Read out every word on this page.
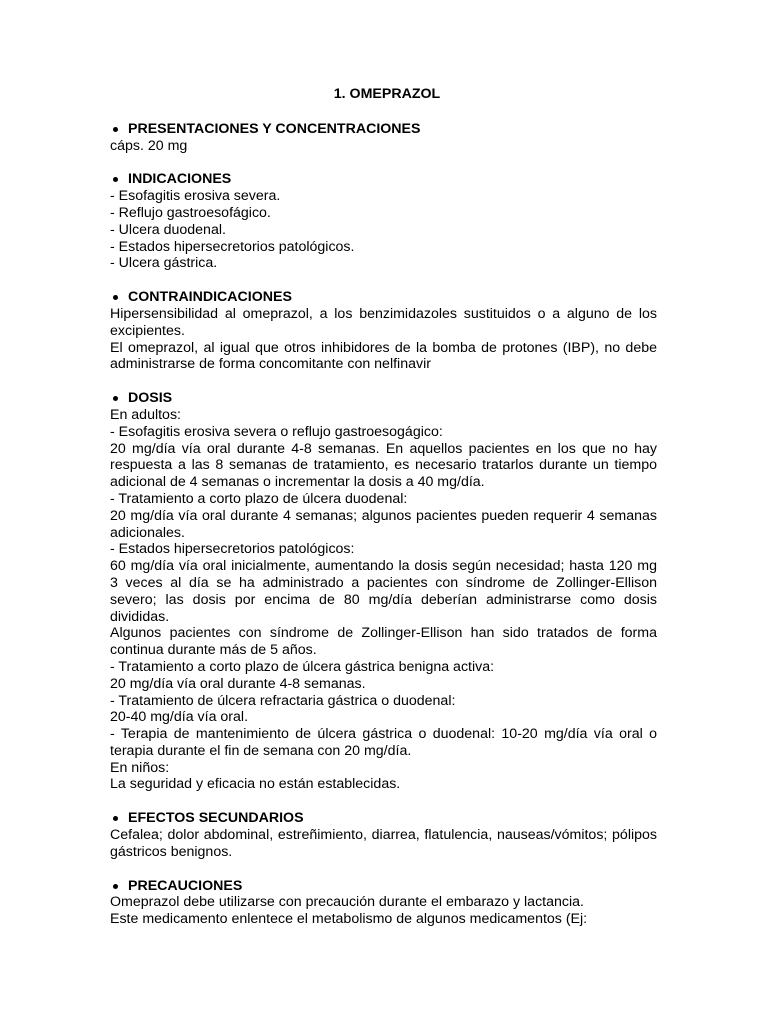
1. OMEPRAZOL

PRESENTACIONES Y CONCENTRACIONES

cáps. 20 mg

INDICACIONES

- Esofagitis erosiva severa.

- Reflujo gastroesofágico.

- Ulcera duodenal.

- Estados hipersecretorios patológicos.

- Ulcera gástrica.

CONTRAINDICACIONES

Hipersensibilidad al omeprazol, a los benzimidazoles sustituidos o a alguno de los excipientes.

El omeprazol, al igual que otros inhibidores de la bomba de protones (IBP), no debe administrarse de forma concomitante con nelfinavir

DOSIS

En adultos:

- Esofagitis erosiva severa o reflujo gastroesogágico:

20 mg/día vía oral durante 4-8 semanas. En aquellos pacientes en los que no hay respuesta a las 8 semanas de tratamiento, es necesario tratarlos durante un tiempo adicional de 4 semanas o incrementar la dosis a 40 mg/día.

- Tratamiento a corto plazo de úlcera duodenal:

20 mg/día vía oral durante 4 semanas; algunos pacientes pueden requerir 4 semanas adicionales.

- Estados hipersecretorios patológicos:

60 mg/día vía oral inicialmente, aumentando la dosis según necesidad; hasta 120 mg 3 veces al día se ha administrado a pacientes con síndrome de Zollinger-Ellison severo; las dosis por encima de 80 mg/día deberían administrarse como dosis divididas.

Algunos pacientes con síndrome de Zollinger-Ellison han sido tratados de forma continua durante más de 5 años.

- Tratamiento a corto plazo de úlcera gástrica benigna activa:

20 mg/día vía oral durante 4-8 semanas.

- Tratamiento de úlcera refractaria gástrica o duodenal:

20-40 mg/día vía oral.

- Terapia de mantenimiento de úlcera gástrica o duodenal: 10-20 mg/día vía oral o terapia durante el fin de semana con 20 mg/día.

En niños:

La seguridad y eficacia no están establecidas.

EFECTOS SECUNDARIOS

Cefalea; dolor abdominal, estreñimiento, diarrea, flatulencia, nauseas/vómitos; pólipos gástricos benignos.

PRECAUCIONES

Omeprazol debe utilizarse con precaución durante el embarazo y lactancia.

Este medicamento enlentece el metabolismo de algunos medicamentos (Ej:
